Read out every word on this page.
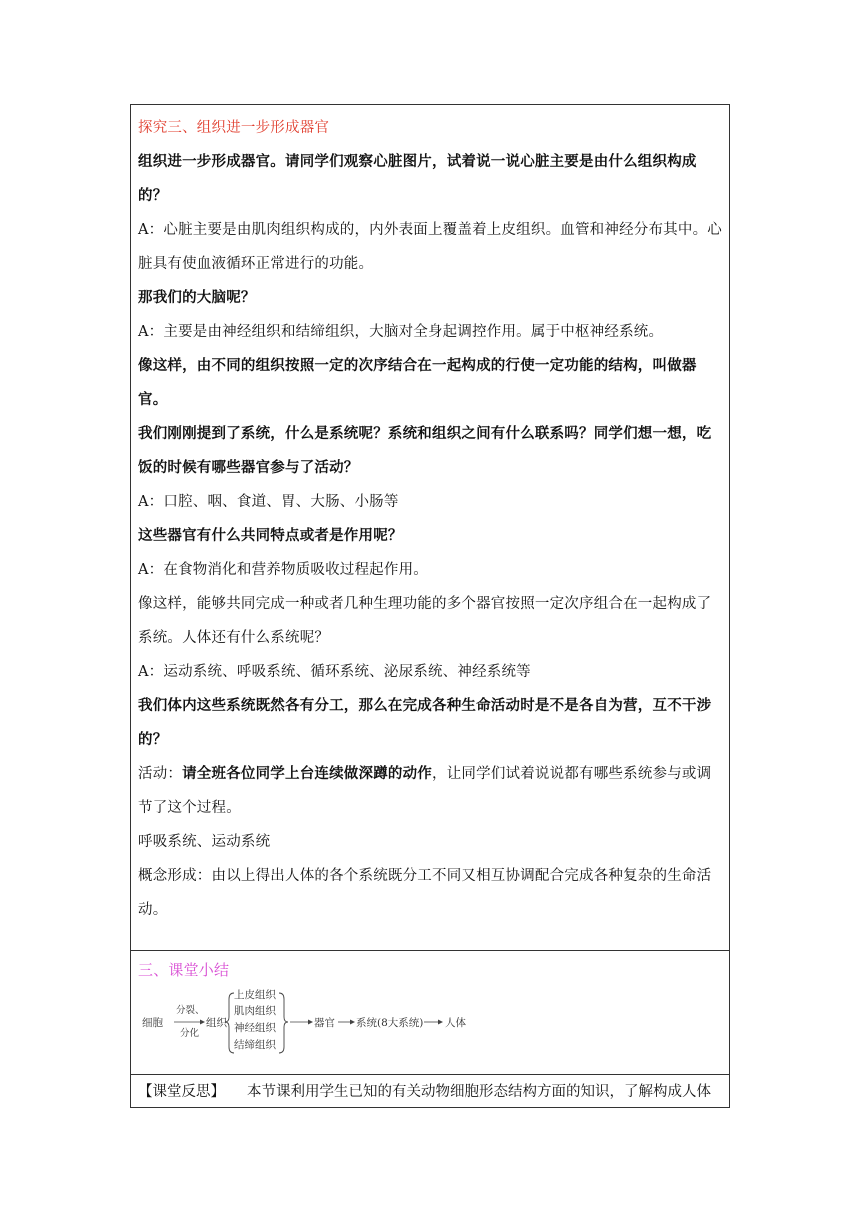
探究三、组织进一步形成器官

组织进一步形成器官。请同学们观察心脏图片，试着说一说心脏主要是由什么组织构成的？

A：心脏主要是由肌肉组织构成的，内外表面上覆盖着上皮组织。血管和神经分布其中。心脏具有使血液循环正常进行的功能。

那我们的大脑呢？

A：主要是由神经组织和结缔组织，大脑对全身起调控作用。属于中枢神经系统。

像这样，由不同的组织按照一定的次序结合在一起构成的行使一定功能的结构，叫做器官。

我们刚刚提到了系统，什么是系统呢？系统和组织之间有什么联系吗？同学们想一想，吃饭的时候有哪些器官参与了活动？

A：口腔、咽、食道、胃、大肠、小肠等

这些器官有什么共同特点或者是作用呢？

A：在食物消化和营养物质吸收过程起作用。

像这样，能够共同完成一种或者几种生理功能的多个器官按照一定次序组合在一起构成了系统。人体还有什么系统呢？

A：运动系统、呼吸系统、循环系统、泌尿系统、神经系统等

我们体内这些系统既然各有分工，那么在完成各种生命活动时是不是各自为营，互不干涉的？

活动：请全班各位同学上台连续做深蹲的动作，让同学们试着说说都有哪些系统参与或调节了这个过程。

呼吸系统、运动系统

概念形成：由以上得出人体的各个系统既分工不同又相互协调配合完成各种复杂的生命活动。

三、课堂小结

细胞
分裂、
分化
组织
上皮组织
肌肉组织
神经组织
结缔组织
器官 系统(8大系统) 人体
【课堂反思】 本节课利用学生已知的有关动物细胞形态结构方面的知识，了解构成人体
